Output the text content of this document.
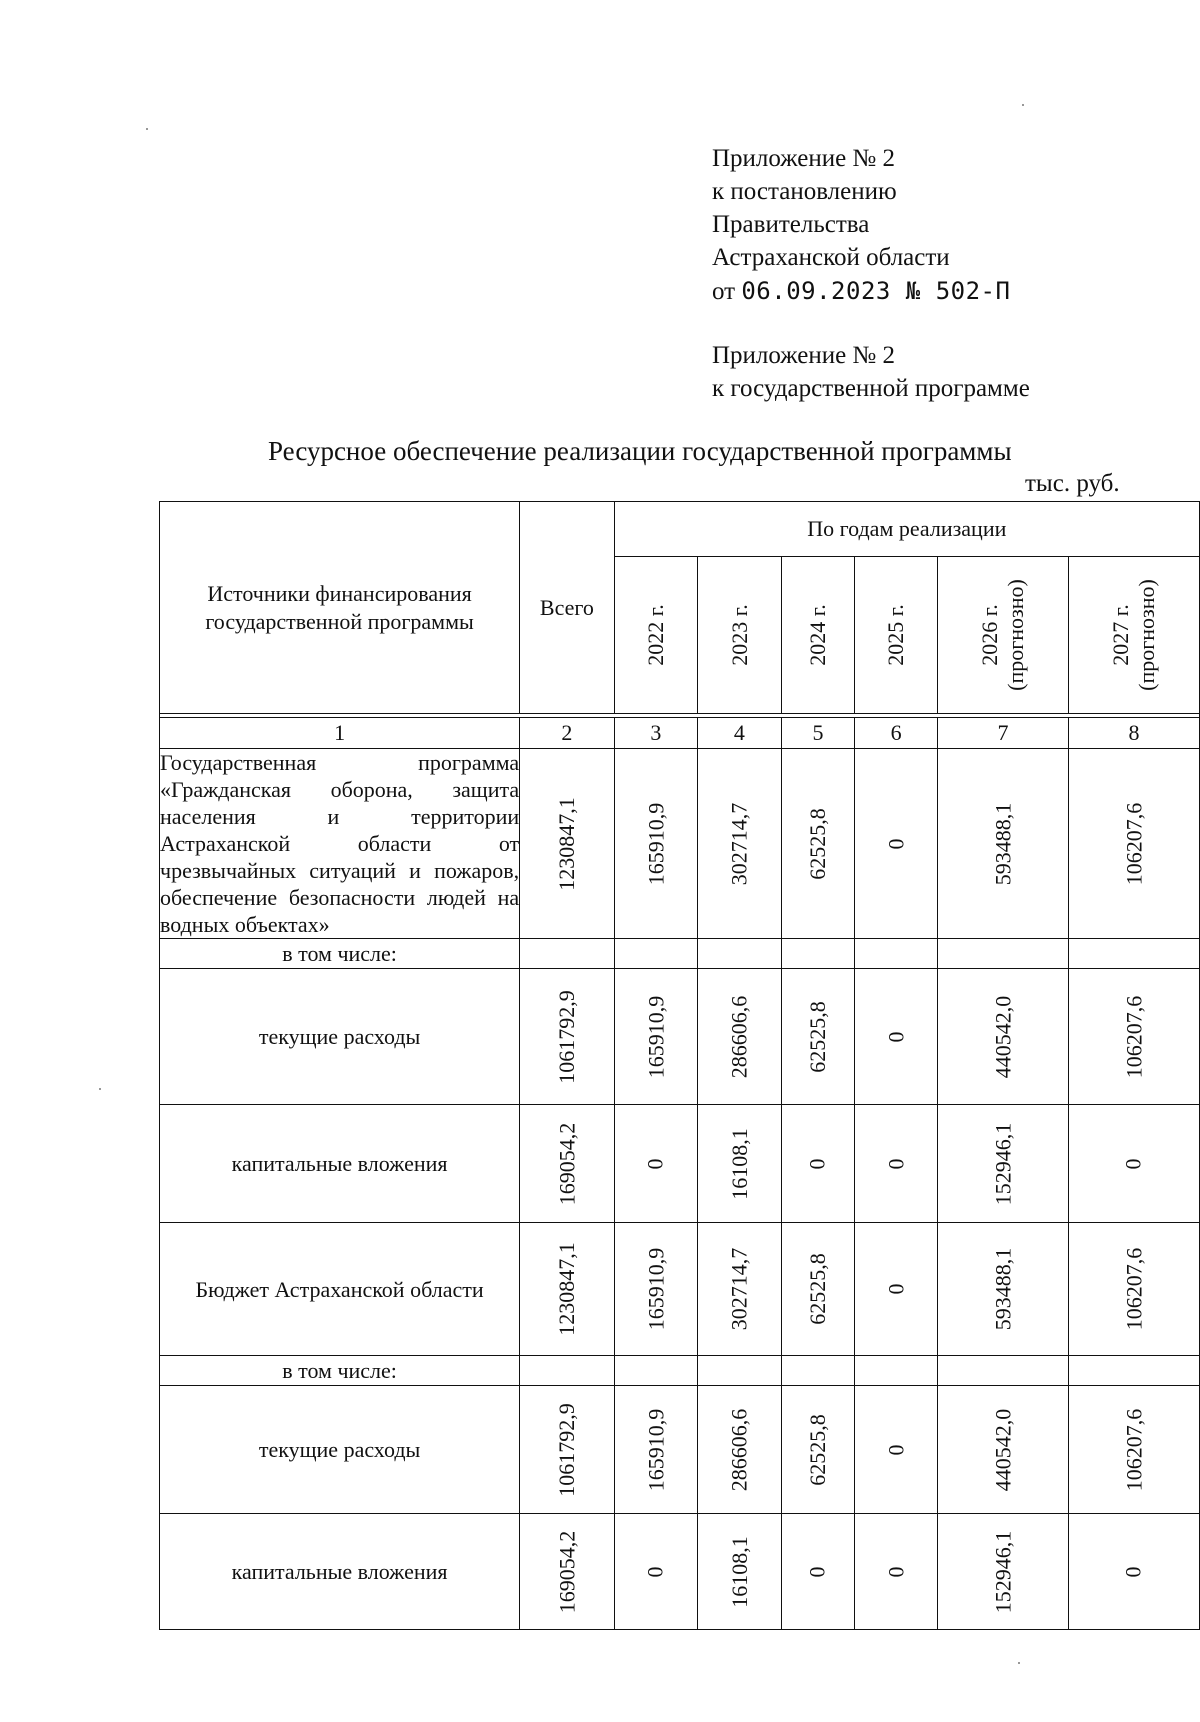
Приложение № 2
к постановлению
Правительства
Астраханской области
от 06.09.2023 № 502-П
Приложение № 2
к государственной программе
Ресурсное обеспечение реализации государственной программы
тыс. руб.
Источники финансирования государственной программы	Всего	По годам реализации					
		2022 г.	2023 г.	2024 г.	2025 г.	2026 г. (прогнозно)	2027 г. (прогнозно)

1	2	3	4	5	6	7	8
Государственная программа «Гражданская оборона, защита населения и территории Астраханской области от чрезвычайных ситуаций и пожаров, обеспечение безопасности людей на водных объектах»	1230847,1	165910,9	302714,7	62525,8	0	593488,1	106207,6
в том числе:							
текущие расходы	1061792,9	165910,9	286606,6	62525,8	0	440542,0	106207,6
капитальные вложения	169054,2	0	16108,1	0	0	152946,1	0
Бюджет Астраханской области	1230847,1	165910,9	302714,7	62525,8	0	593488,1	106207,6
в том числе:							
текущие расходы	1061792,9	165910,9	286606,6	62525,8	0	440542,0	106207,6
капитальные вложения	169054,2	0	16108,1	0	0	152946,1	0
